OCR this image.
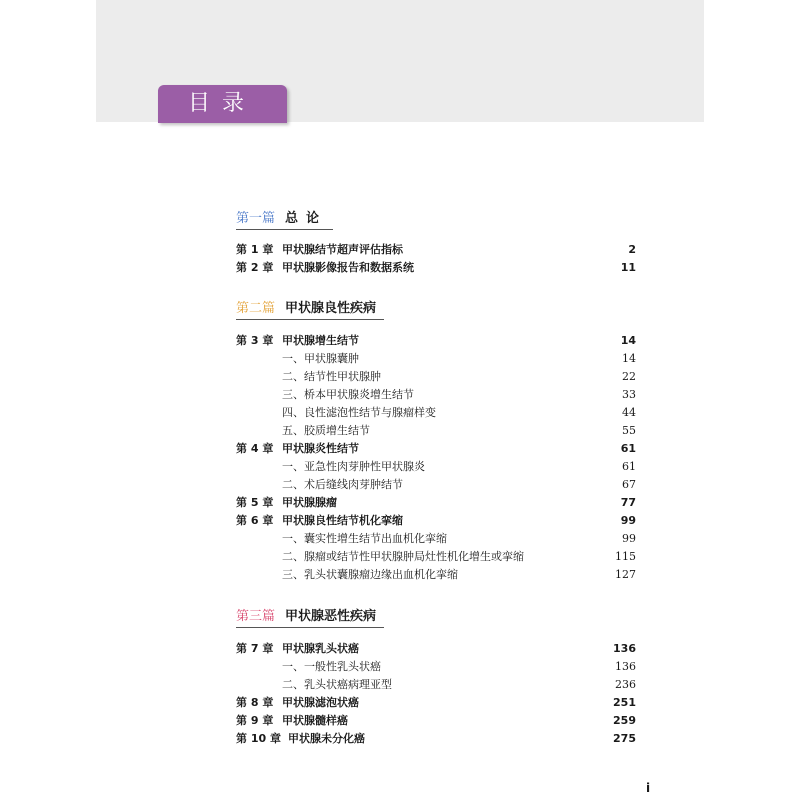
目录
第一篇 总论
第 1 章 甲状腺结节超声评估指标	2
第 2 章 甲状腺影像报告和数据系统	11
第二篇 甲状腺良性疾病
第 3 章 甲状腺增生结节	14
一、甲状腺囊肿	14
二、结节性甲状腺肿	22
三、桥本甲状腺炎增生结节	33
四、良性滤泡性结节与腺瘤样变	44
五、胶质增生结节	55
第 4 章 甲状腺炎性结节	61
一、亚急性肉芽肿性甲状腺炎	61
二、术后缝线肉芽肿结节	67
第 5 章 甲状腺腺瘤	77
第 6 章 甲状腺良性结节机化挛缩	99
一、囊实性增生结节出血机化挛缩	99
二、腺瘤或结节性甲状腺肿局灶性机化增生或挛缩	115
三、乳头状囊腺瘤边缘出血机化挛缩	127
第三篇 甲状腺恶性疾病
第 7 章 甲状腺乳头状癌	136
一、一般性乳头状癌	136
二、乳头状癌病理亚型	236
第 8 章 甲状腺滤泡状癌	251
第 9 章 甲状腺髓样癌	259
第 10 章 甲状腺未分化癌	275
i
